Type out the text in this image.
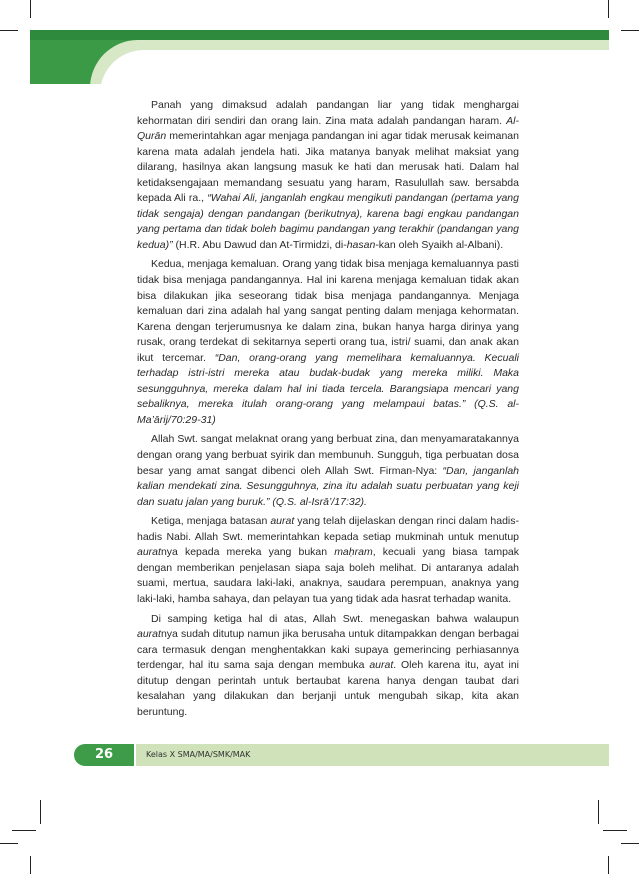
Panah yang dimaksud adalah pandangan liar yang tidak menghargai kehormatan diri sendiri dan orang lain. Zina mata adalah pandangan haram. Al-Qurān memerintahkan agar menjaga pandangan ini agar tidak merusak keimanan karena mata adalah jendela hati. Jika matanya banyak melihat maksiat yang dilarang, hasilnya akan langsung masuk ke hati dan merusak hati. Dalam hal ketidaksengajaan memandang sesuatu yang haram, Rasulullah saw. bersabda kepada Ali ra., “Wahai Ali, janganlah engkau mengikuti pandangan (pertama yang tidak sengaja) dengan pandangan (berikutnya), karena bagi engkau pandangan yang pertama dan tidak boleh bagimu pandangan yang terakhir (pandangan yang kedua)” (H.R. Abu Dawud dan At-Tirmidzi, di-hasan-kan oleh Syaikh al-Albani).

Kedua, menjaga kemaluan. Orang yang tidak bisa menjaga kemaluannya pasti tidak bisa menjaga pandangannya. Hal ini karena menjaga kemaluan tidak akan bisa dilakukan jika seseorang tidak bisa menjaga pandangannya. Menjaga kemaluan dari zina adalah hal yang sangat penting dalam menjaga kehormatan. Karena dengan terjerumusnya ke dalam zina, bukan hanya harga dirinya yang rusak, orang terdekat di sekitarnya seperti orang tua, istri/ suami, dan anak akan ikut tercemar. “Dan, orang-orang yang memelihara kemaluannya. Kecuali terhadap istri-istri mereka atau budak-budak yang mereka miliki. Maka sesungguhnya, mereka dalam hal ini tiada tercela. Barangsiapa mencari yang sebaliknya, mereka itulah orang-orang yang melampaui batas.” (Q.S. al-Ma’ārij/70:29-31)

Allah Swt. sangat melaknat orang yang berbuat zina, dan menyamaratakannya dengan orang yang berbuat syirik dan membunuh. Sungguh, tiga perbuatan dosa besar yang amat sangat dibenci oleh Allah Swt. Firman-Nya: “Dan, janganlah kalian mendekati zina. Sesungguhnya, zina itu adalah suatu perbuatan yang keji dan suatu jalan yang buruk.” (Q.S. al-Isrā’/17:32).

Ketiga, menjaga batasan aurat yang telah dijelaskan dengan rinci dalam hadis-hadis Nabi. Allah Swt. memerintahkan kepada setiap mukminah untuk menutup auratnya kepada mereka yang bukan maḥram, kecuali yang biasa tampak dengan memberikan penjelasan siapa saja boleh melihat. Di antaranya adalah suami, mertua, saudara laki-laki, anaknya, saudara perempuan, anaknya yang laki-laki, hamba sahaya, dan pelayan tua yang tidak ada hasrat terhadap wanita.

Di samping ketiga hal di atas, Allah Swt. menegaskan bahwa walaupun auratnya sudah ditutup namun jika berusaha untuk ditampakkan dengan berbagai cara termasuk dengan menghentakkan kaki supaya gemerincing perhiasannya terdengar, hal itu sama saja dengan membuka aurat. Oleh karena itu, ayat ini ditutup dengan perintah untuk bertaubat karena hanya dengan taubat dari kesalahan yang dilakukan dan berjanji untuk mengubah sikap, kita akan beruntung.

26	Kelas X SMA/MA/SMK/MAK
